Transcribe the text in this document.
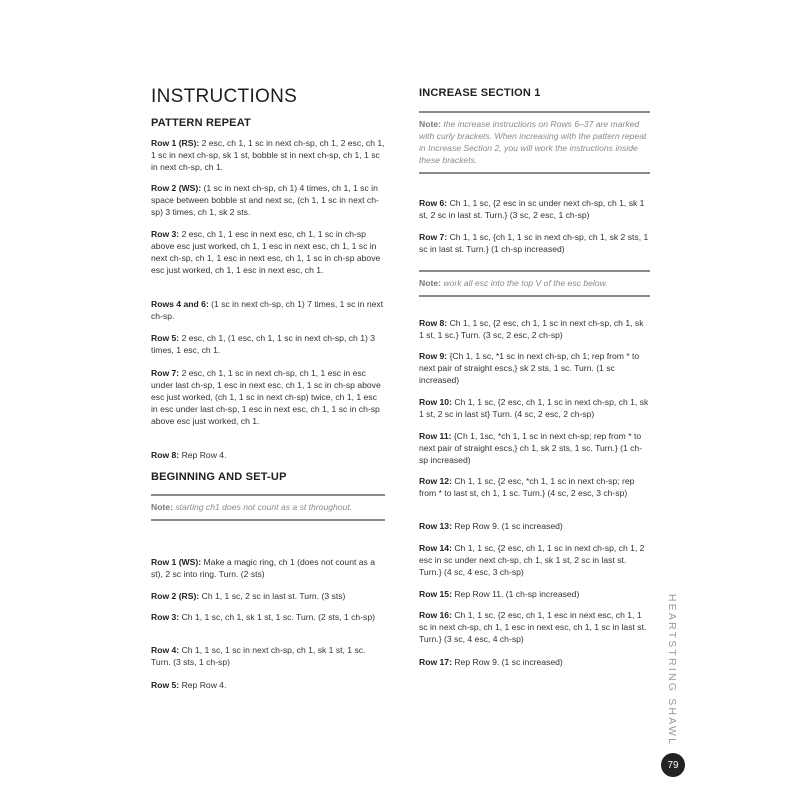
INSTRUCTIONS
PATTERN REPEAT

Row 1 (RS): 2 esc, ch 1, 1 sc in next ch-sp, ch 1, 2 esc, ch 1, 1 sc in next ch-sp, sk 1 st, bobble st in next ch-sp, ch 1, 1 sc in next ch-sp, ch 1.

Row 2 (WS): (1 sc in next ch-sp, ch 1) 4 times, ch 1, 1 sc in space between bobble st and next sc, (ch 1, 1 sc in next ch-sp) 3 times, ch 1, sk 2 sts.

Row 3: 2 esc, ch 1, 1 esc in next esc, ch 1, 1 sc in ch-sp above esc just worked, ch 1, 1 esc in next esc, ch 1, 1 sc in next ch-sp, ch 1, 1 esc in next esc, ch 1, 1 sc in ch-sp above esc just worked, ch 1, 1 esc in next esc, ch 1.

Rows 4 and 6: (1 sc in next ch-sp, ch 1) 7 times, 1 sc in next ch-sp.

Row 5: 2 esc, ch 1, (1 esc, ch 1, 1 sc in next ch-sp, ch 1) 3 times, 1 esc, ch 1.

Row 7: 2 esc, ch 1, 1 sc in next ch-sp, ch 1, 1 esc in esc under last ch-sp, 1 esc in next esc, ch 1, 1 sc in ch-sp above esc just worked, (ch 1, 1 sc in next ch-sp) twice, ch 1, 1 esc in esc under last ch-sp, 1 esc in next esc, ch 1, 1 sc in ch-sp above esc just worked, ch 1.

Row 8: Rep Row 4.

BEGINNING AND SET-UP
Note: starting ch1 does not count as a st throughout.

Row 1 (WS): Make a magic ring, ch 1 (does not count as a st), 2 sc into ring. Turn. (2 sts)

Row 2 (RS): Ch 1, 1 sc, 2 sc in last st. Turn. (3 sts)

Row 3: Ch 1, 1 sc, ch 1, sk 1 st, 1 sc. Turn. (2 sts, 1 ch-sp)

Row 4: Ch 1, 1 sc, 1 sc in next ch-sp, ch 1, sk 1 st, 1 sc. Turn. (3 sts, 1 ch-sp)

Row 5: Rep Row 4.

INCREASE SECTION 1
Note: the increase instructions on Rows 6–37 are marked with curly brackets. When increasing with the pattern repeat in Increase Section 2, you will work the instructions inside these brackets.

Row 6: Ch 1, 1 sc, {2 esc in sc under next ch-sp, ch 1, sk 1 st, 2 sc in last st. Turn.} (3 sc, 2 esc, 1 ch-sp)

Row 7: Ch 1, 1 sc, {ch 1, 1 sc in next ch-sp, ch 1, sk 2 sts, 1 sc in last st. Turn.} (1 ch-sp increased)

Note: work all esc into the top V of the esc below.

Row 8: Ch 1, 1 sc, {2 esc, ch 1, 1 sc in next ch-sp, ch 1, sk 1 st, 1 sc.} Turn. (3 sc, 2 esc, 2 ch-sp)

Row 9: {Ch 1, 1 sc, *1 sc in next ch-sp, ch 1; rep from * to next pair of straight escs,} sk 2 sts, 1 sc. Turn. (1 sc increased)

Row 10: Ch 1, 1 sc, {2 esc, ch 1, 1 sc in next ch-sp, ch 1, sk 1 st, 2 sc in last st} Turn. (4 sc, 2 esc, 2 ch-sp)

Row 11: {Ch 1, 1sc, *ch 1, 1 sc in next ch-sp; rep from * to next pair of straight escs,} ch 1, sk 2 sts, 1 sc. Turn.} (1 ch-sp increased)

Row 12: Ch 1, 1 sc, {2 esc, *ch 1, 1 sc in next ch-sp; rep from * to last st, ch 1, 1 sc. Turn.} (4 sc, 2 esc, 3 ch-sp)

Row 13: Rep Row 9. (1 sc increased)

Row 14: Ch 1, 1 sc, {2 esc, ch 1, 1 sc in next ch-sp, ch 1, 2 esc in sc under next ch-sp, ch 1, sk 1 st, 2 sc in last st. Turn.} (4 sc, 4 esc, 3 ch-sp)

Row 15: Rep Row 11. (1 ch-sp increased)

Row 16: Ch 1, 1 sc, {2 esc, ch 1, 1 esc in next esc, ch 1, 1 sc in next ch-sp, ch 1, 1 esc in next esc, ch 1, 1 sc in last st. Turn.} (3 sc, 4 esc, 4 ch-sp)

Row 17: Rep Row 9. (1 sc increased)	HEARTSTRING SHAWL
79
